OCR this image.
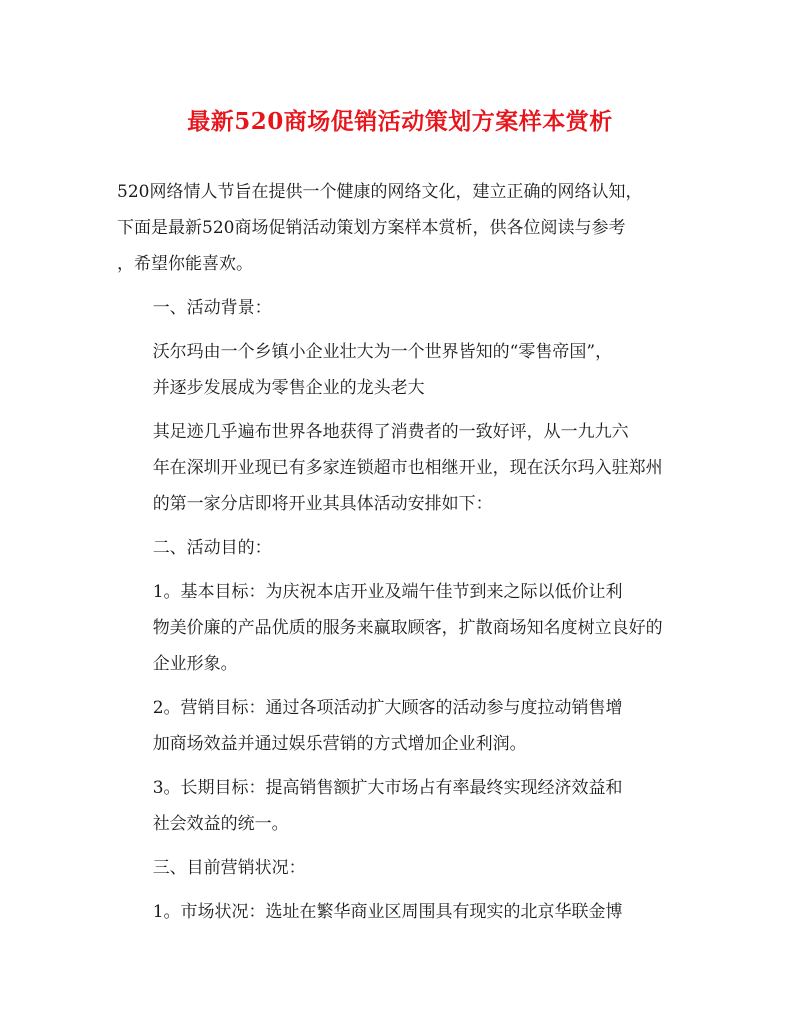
最新520商场促销活动策划方案样本赏析
520网络情人节旨在提供一个健康的网络文化，建立正确的网络认知，
下面是最新520商场促销活动策划方案样本赏析，供各位阅读与参考
，希望你能喜欢。
一、活动背景：
沃尔玛由一个乡镇小企业壮大为一个世界皆知的“零售帝国”，
并逐步发展成为零售企业的龙头老大
其足迹几乎遍布世界各地获得了消费者的一致好评，从一九九六
年在深圳开业现已有多家连锁超市也相继开业，现在沃尔玛入驻郑州
的第一家分店即将开业其具体活动安排如下：
二、活动目的：
1。基本目标：为庆祝本店开业及端午佳节到来之际以低价让利
物美价廉的产品优质的服务来赢取顾客，扩散商场知名度树立良好的
企业形象。
2。营销目标：通过各项活动扩大顾客的活动参与度拉动销售增
加商场效益并通过娱乐营销的方式增加企业利润。
3。长期目标：提高销售额扩大市场占有率最终实现经济效益和
社会效益的统一。
三、目前营销状况：
1。市场状况：选址在繁华商业区周围具有现实的北京华联金博
